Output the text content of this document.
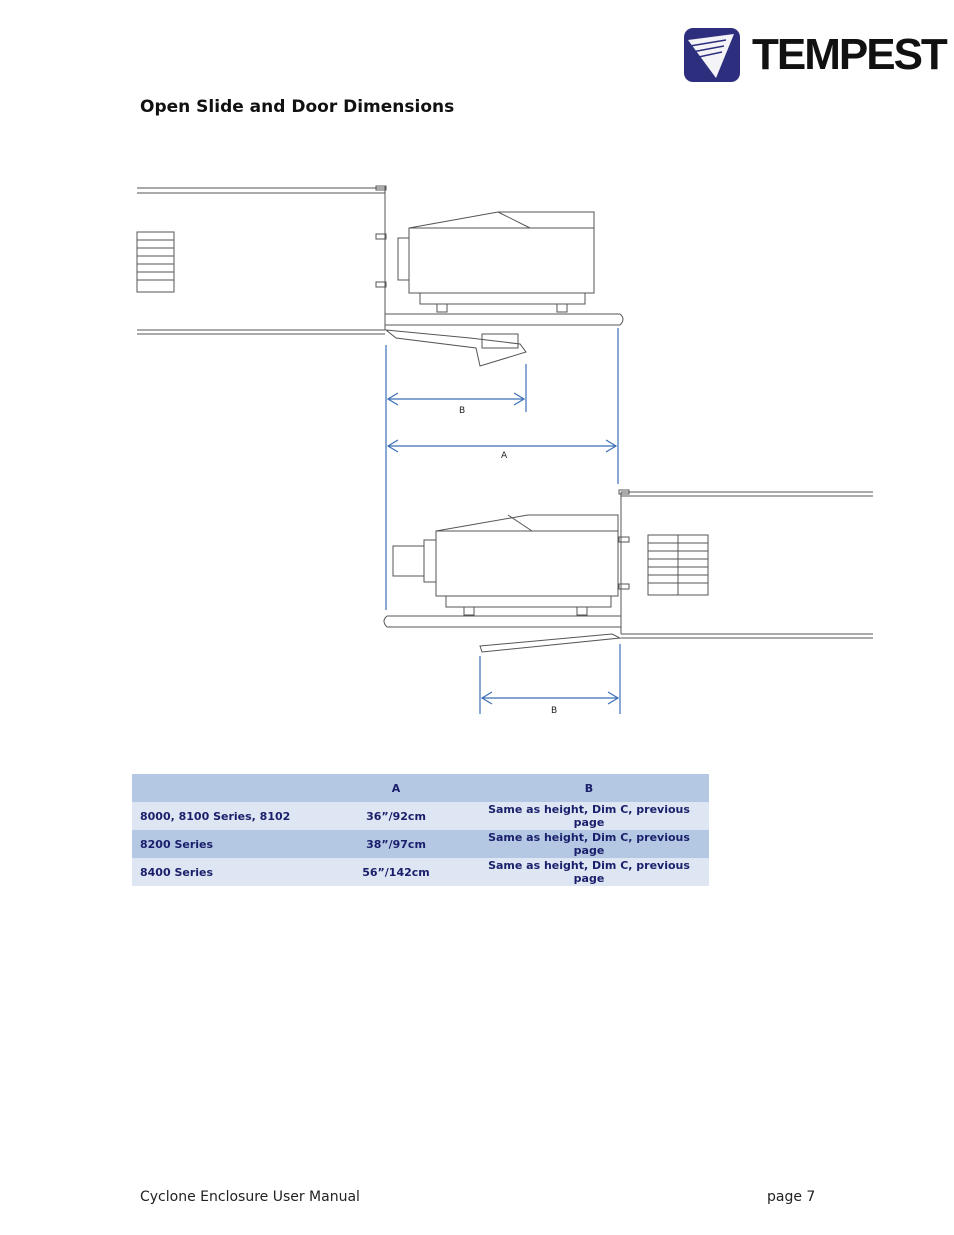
TEMPEST
Open Slide and Door Dimensions
B
A
B
	A	B
8000, 8100 Series, 8102	36”/92cm	Same as height, Dim C, previous page
8200 Series	38”/97cm	Same as height, Dim C, previous page
8400 Series	56”/142cm	Same as height, Dim C, previous page
Cyclone Enclosure User Manual	page 7
